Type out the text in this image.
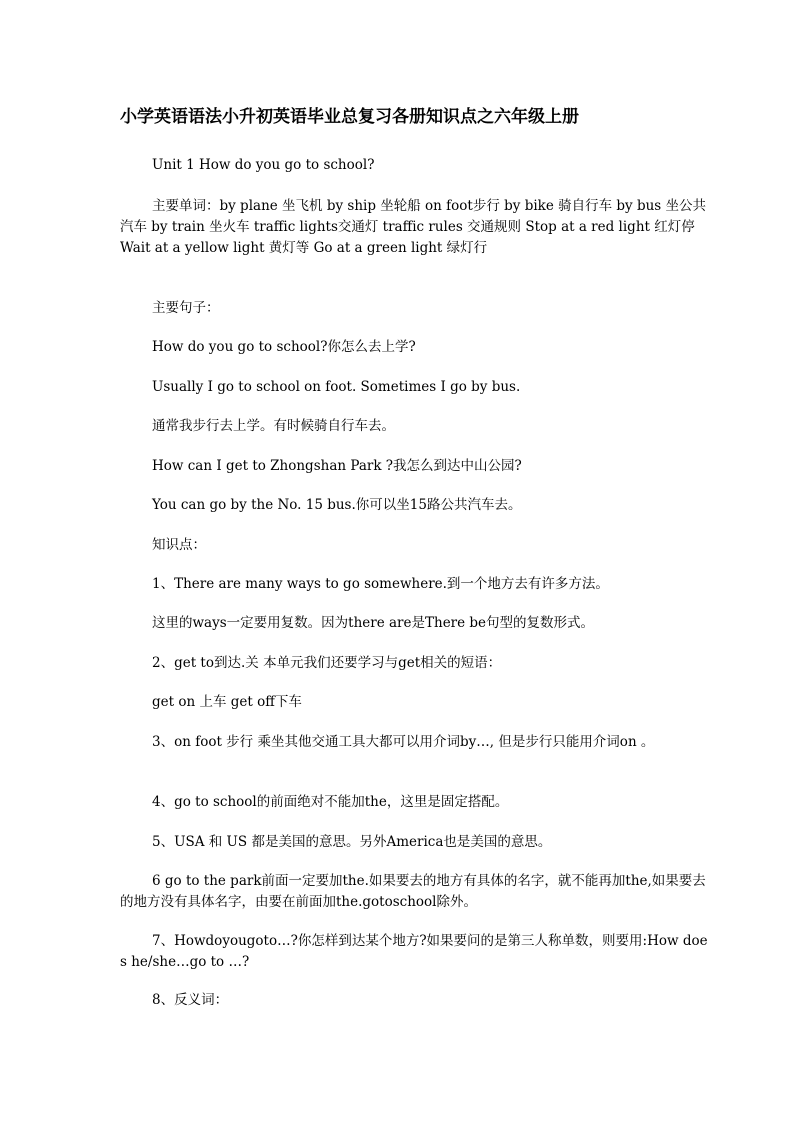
小学英语语法小升初英语毕业总复习各册知识点之六年级上册
Unit 1 How do you go to school?
主要单词：by plane 坐飞机 by ship 坐轮船 on foot步行 by bike 骑自行车 by bus 坐公共汽车 by train 坐火车 traffic lights交通灯 traffic rules 交通规则 Stop at a red light 红灯停 Wait at a yellow light 黄灯等 Go at a green light 绿灯行
主要句子：
How do you go to school?你怎么去上学?
Usually I go to school on foot. Sometimes I go by bus.
通常我步行去上学。有时候骑自行车去。
How can I get to Zhongshan Park ?我怎么到达中山公园?
You can go by the No. 15 bus.你可以坐15路公共汽车去。
知识点：
1、There are many ways to go somewhere.到一个地方去有许多方法。
这里的ways一定要用复数。因为there are是There be句型的复数形式。
2、get to到达.关 本单元我们还要学习与get相关的短语：
get on 上车 get off下车
3、on foot 步行 乘坐其他交通工具大都可以用介词by…, 但是步行只能用介词on 。
4、go to school的前面绝对不能加the，这里是固定搭配。
5、USA 和 US 都是美国的意思。另外America也是美国的意思。
6 go to the park前面一定要加the.如果要去的地方有具体的名字，就不能再加the,如果要去的地方没有具体名字，由要在前面加the.gotoschool除外。
7、Howdoyougoto…?你怎样到达某个地方?如果要问的是第三人称单数，则要用:How does he/she…go to …?
8、反义词：
